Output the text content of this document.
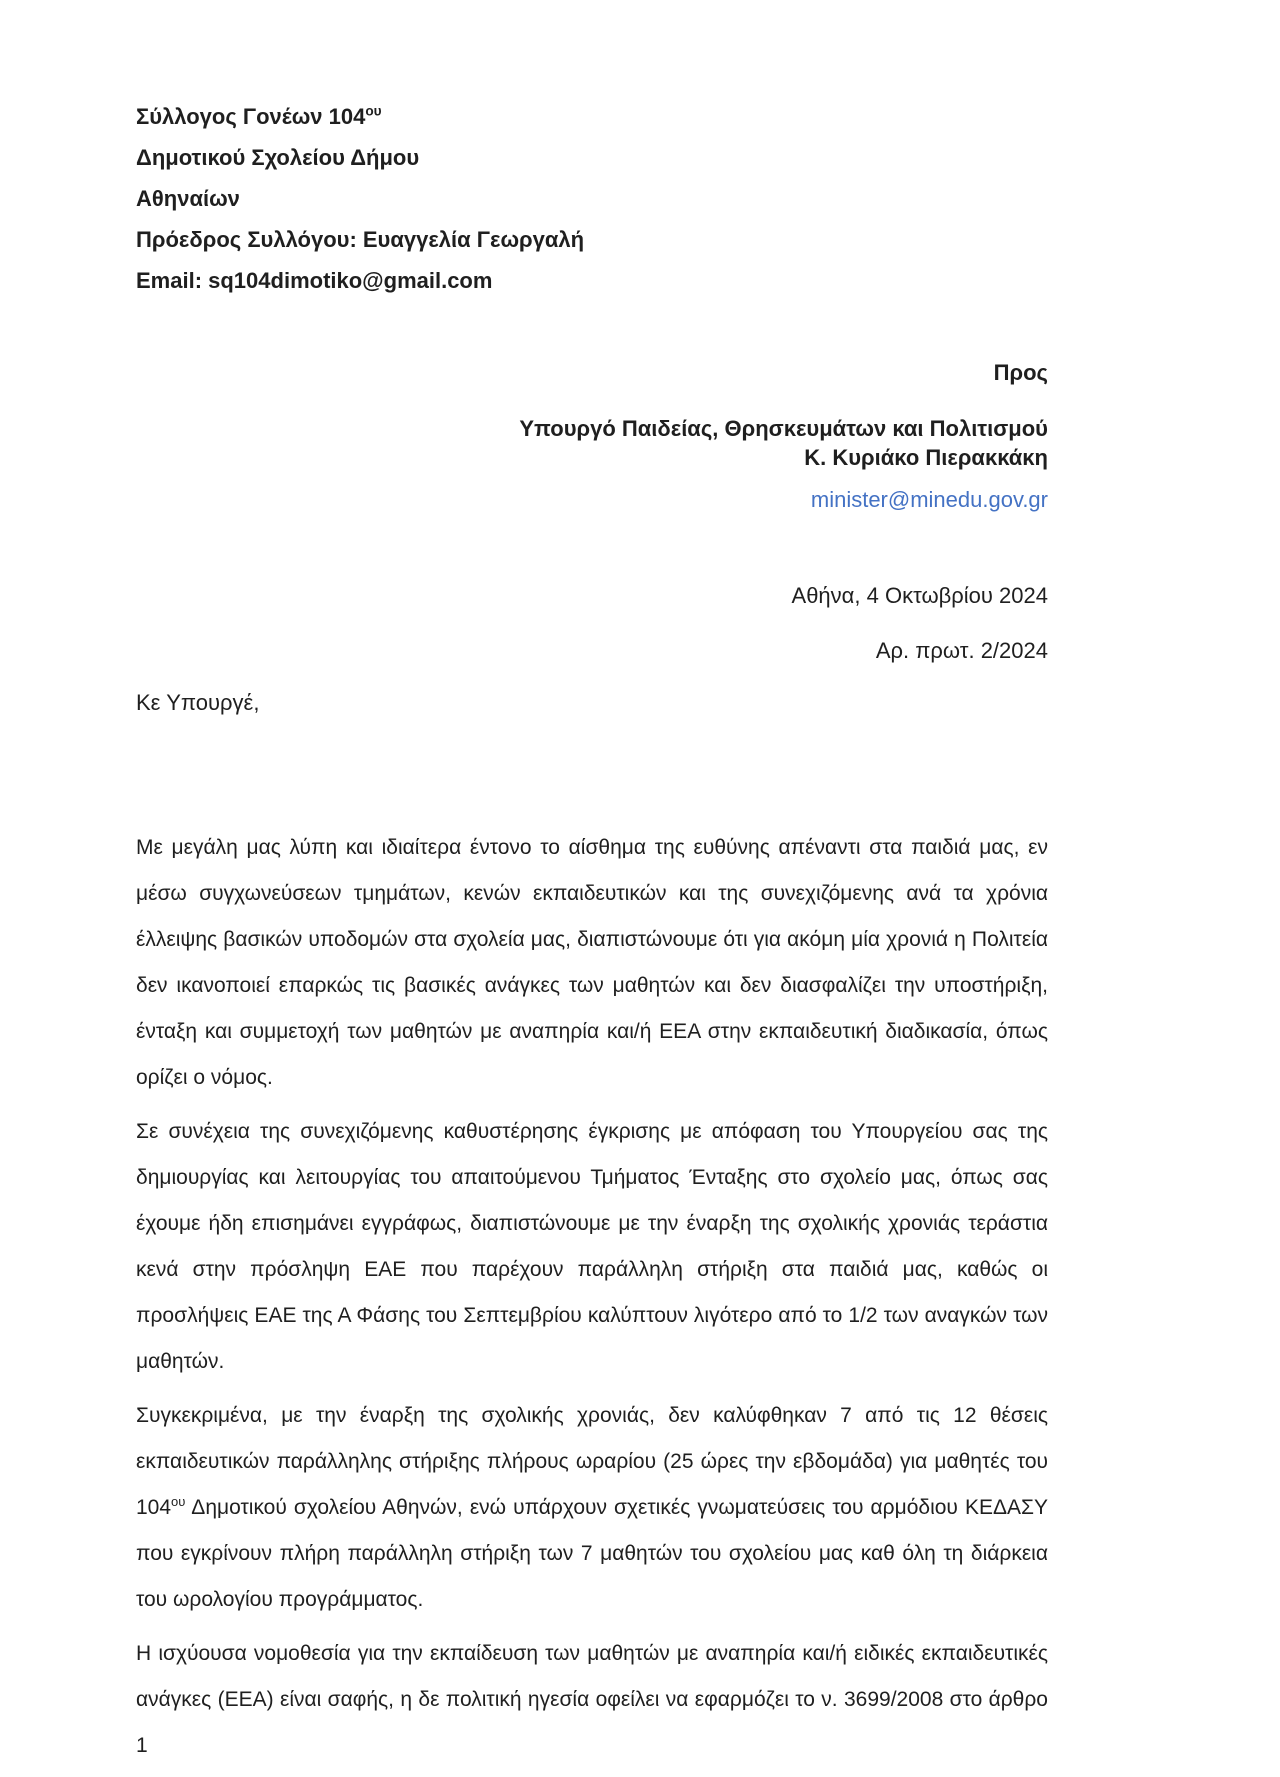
Σύλλογος Γονέων $104^{o\upsilon}$
Δημοτικού Σχολείου Δήμου
Αθηναίων
Πρόεδρος Συλλόγου: Ευαγγελία Γεωργαλή
Email: sq104dimotiko@gmail.com
Προς
Υπουργό Παιδείας, Θρησκευμάτων και Πολιτισμού
Κ. Κυριάκο Πιερακκάκη
minister@minedu.gov.gr
Αθήνα, 4 Οκτωβρίου 2024
Αρ. πρωτ. 2/2024
Κε Υπουργέ,

Με μεγάλη μας λύπη και ιδιαίτερα έντονο το αίσθημα της ευθύνης απέναντι στα παιδιά μας, εν μέσω συγχωνεύσεων τμημάτων, κενών εκπαιδευτικών και της συνεχιζόμενης ανά τα χρόνια έλλειψης βασικών υποδομών στα σχολεία μας, διαπιστώνουμε ότι για ακόμη μία χρονιά η Πολιτεία δεν ικανοποιεί επαρκώς τις βασικές ανάγκες των μαθητών και δεν διασφαλίζει την υποστήριξη, ένταξη και συμμετοχή των μαθητών με αναπηρία και/ή ΕΕΑ στην εκπαιδευτική διαδικασία, όπως ορίζει ο νόμος.

Σε συνέχεια της συνεχιζόμενης καθυστέρησης έγκρισης με απόφαση του Υπουργείου σας της δημιουργίας και λειτουργίας του απαιτούμενου Τμήματος Ένταξης στο σχολείο μας, όπως σας έχουμε ήδη επισημάνει εγγράφως, διαπιστώνουμε με την έναρξη της σχολικής χρονιάς τεράστια κενά στην πρόσληψη ΕΑΕ που παρέχουν παράλληλη στήριξη στα παιδιά μας, καθώς οι προσλήψεις ΕΑΕ της Α Φάσης του Σεπτεμβρίου καλύπτουν λιγότερο από το 1/2 των αναγκών των μαθητών.

Συγκεκριμένα, με την έναρξη της σχολικής χρονιάς, δεν καλύφθηκαν 7 από τις 12 θέσεις εκπαιδευτικών παράλληλης στήριξης πλήρους ωραρίου (25 ώρες την εβδομάδα) για μαθητές του $104^{o\upsilon}$ Δημοτικού σχολείου Αθηνών, ενώ υπάρχουν σχετικές γνωματεύσεις του αρμόδιου ΚΕΔΑΣΥ που εγκρίνουν πλήρη παράλληλη στήριξη των 7 μαθητών του σχολείου μας καθ όλη τη διάρκεια του ωρολογίου προγράμματος.

Η ισχύουσα νομοθεσία για την εκπαίδευση των μαθητών με αναπηρία και/ή ειδικές εκπαιδευτικές ανάγκες (ΕΕΑ) είναι σαφής, η δε πολιτική ηγεσία οφείλει να εφαρμόζει το ν. 3699/2008 στο άρθρο 1
